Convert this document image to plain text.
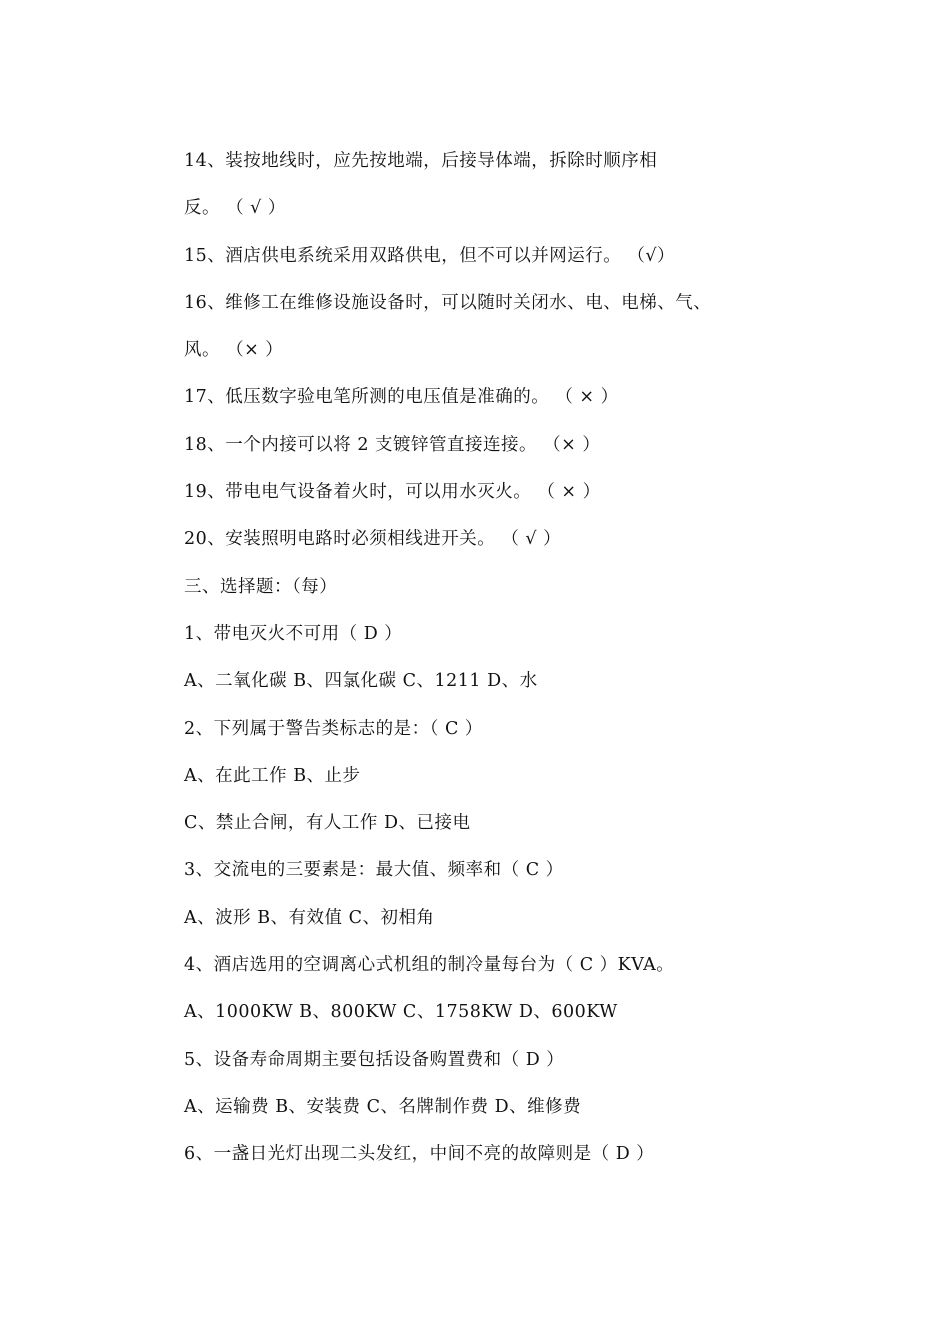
14、装按地线时，应先按地端，后接导体端，拆除时顺序相
反。 （ √ ）
15、酒店供电系统采用双路供电，但不可以并网运行。 （√）
16、维修工在维修设施设备时，可以随时关闭水、电、电梯、气、
风。 （× ）
17、低压数字验电笔所测的电压值是准确的。 （ × ）
18、一个内接可以将 2 支镀锌管直接连接。 （× ）
19、带电电气设备着火时，可以用水灭火。 （ × ）
20、安装照明电路时必须相线进开关。 （ √ ）
三、选择题：（每）
1、带电灭火不可用（ D ）
A、二氧化碳 B、四氯化碳 C、1211 D、水
2、下列属于警告类标志的是：（ C ）
A、在此工作 B、止步
C、禁止合闸，有人工作 D、已接电
3、交流电的三要素是：最大值、频率和（ C ）
A、波形 B、有效值 C、初相角
4、酒店选用的空调离心式机组的制冷量每台为（ C ）KVA。
A、1000KW B、800KW C、1758KW D、600KW
5、设备寿命周期主要包括设备购置费和（ D ）
A、运输费 B、安装费 C、名牌制作费 D、维修费
6、一盏日光灯出现二头发红，中间不亮的故障则是（ D ）
